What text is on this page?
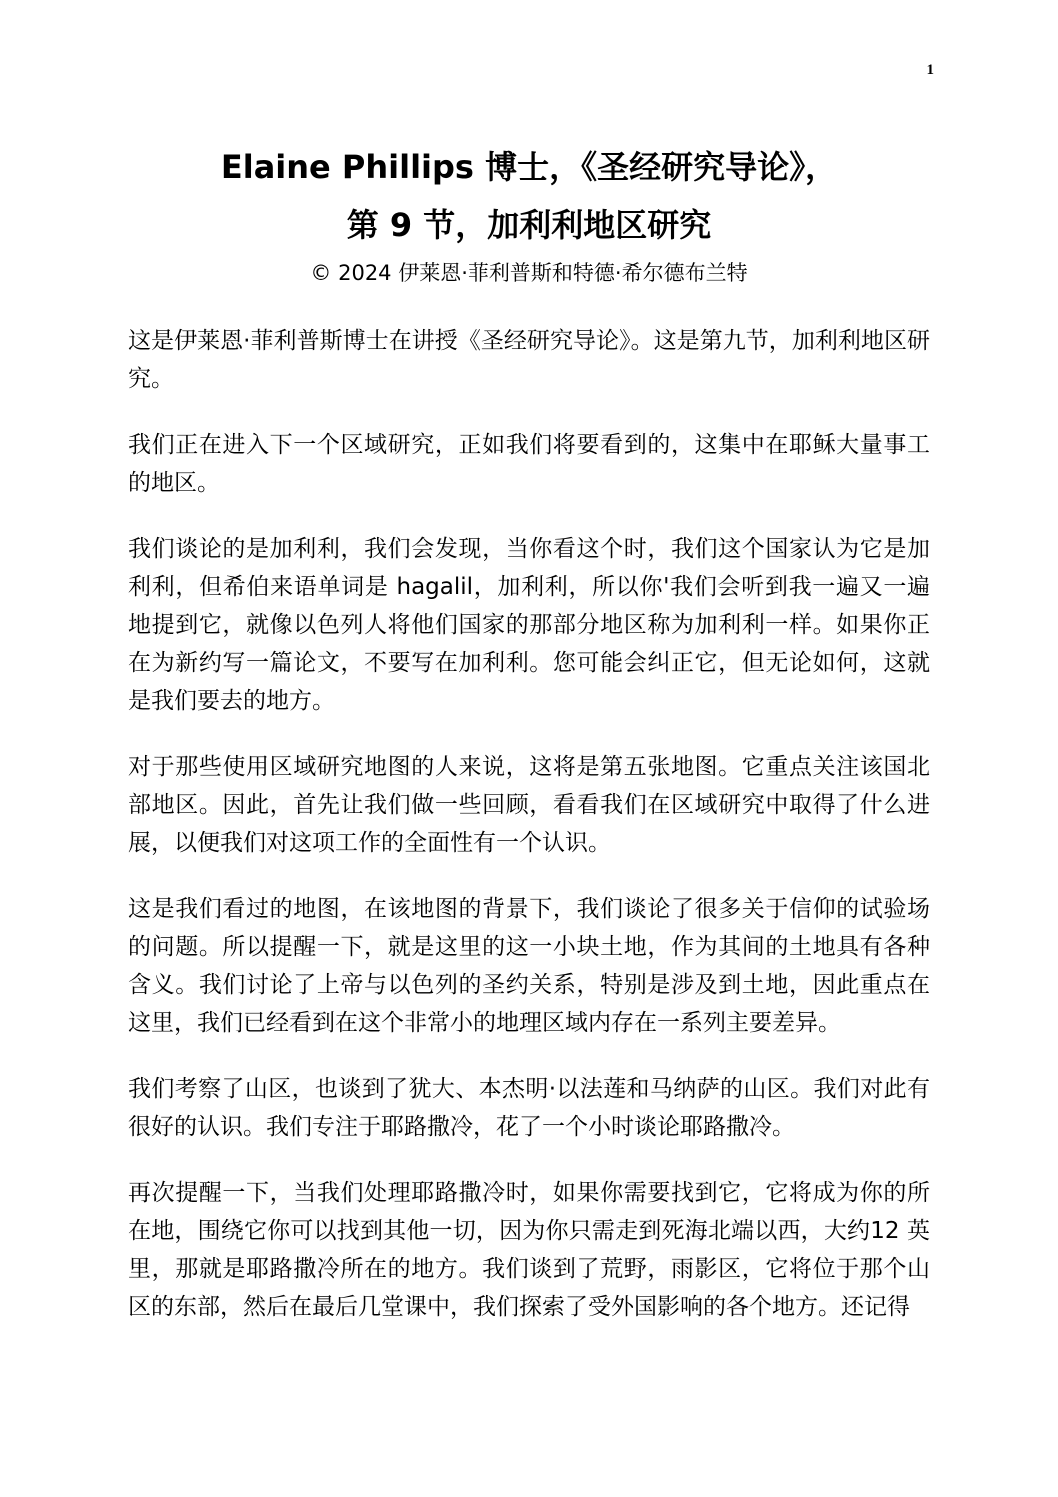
1
Elaine Phillips 博士，《圣经研究导论》，
第 9 节，加利利地区研究
© 2024 伊莱恩·菲利普斯和特德·希尔德布兰特

这是伊莱恩·菲利普斯博士在讲授《圣经研究导论》。这是第九节，加利利地区研究。

我们正在进入下一个区域研究，正如我们将要看到的，这集中在耶稣大量事工的地区。

我们谈论的是加利利，我们会发现，当你看这个时，我们这个国家认为它是加利利，但希伯来语单词是 hagalil，加利利，所以你'我们会听到我一遍又一遍地提到它，就像以色列人将他们国家的那部分地区称为加利利一样。如果你正在为新约写一篇论文，不要写在加利利。您可能会纠正它，但无论如何，这就是我们要去的地方。

对于那些使用区域研究地图的人来说，这将是第五张地图。它重点关注该国北部地区。因此，首先让我们做一些回顾，看看我们在区域研究中取得了什么进展，以便我们对这项工作的全面性有一个认识。

这是我们看过的地图，在该地图的背景下，我们谈论了很多关于信仰的试验场的问题。所以提醒一下，就是这里的这一小块土地，作为其间的土地具有各种含义。我们讨论了上帝与以色列的圣约关系，特别是涉及到土地，因此重点在这里，我们已经看到在这个非常小的地理区域内存在一系列主要差异。

我们考察了山区，也谈到了犹大、本杰明·以法莲和马纳萨的山区。我们对此有很好的认识。我们专注于耶路撒冷，花了一个小时谈论耶路撒冷。

再次提醒一下，当我们处理耶路撒冷时，如果你需要找到它，它将成为你的所在地，围绕它你可以找到其他一切，因为你只需走到死海北端以西，大约12 英里，那就是耶路撒冷所在的地方。我们谈到了荒野，雨影区，它将位于那个山区的东部，然后在最后几堂课中，我们探索了受外国影响的各个地方。还记得
